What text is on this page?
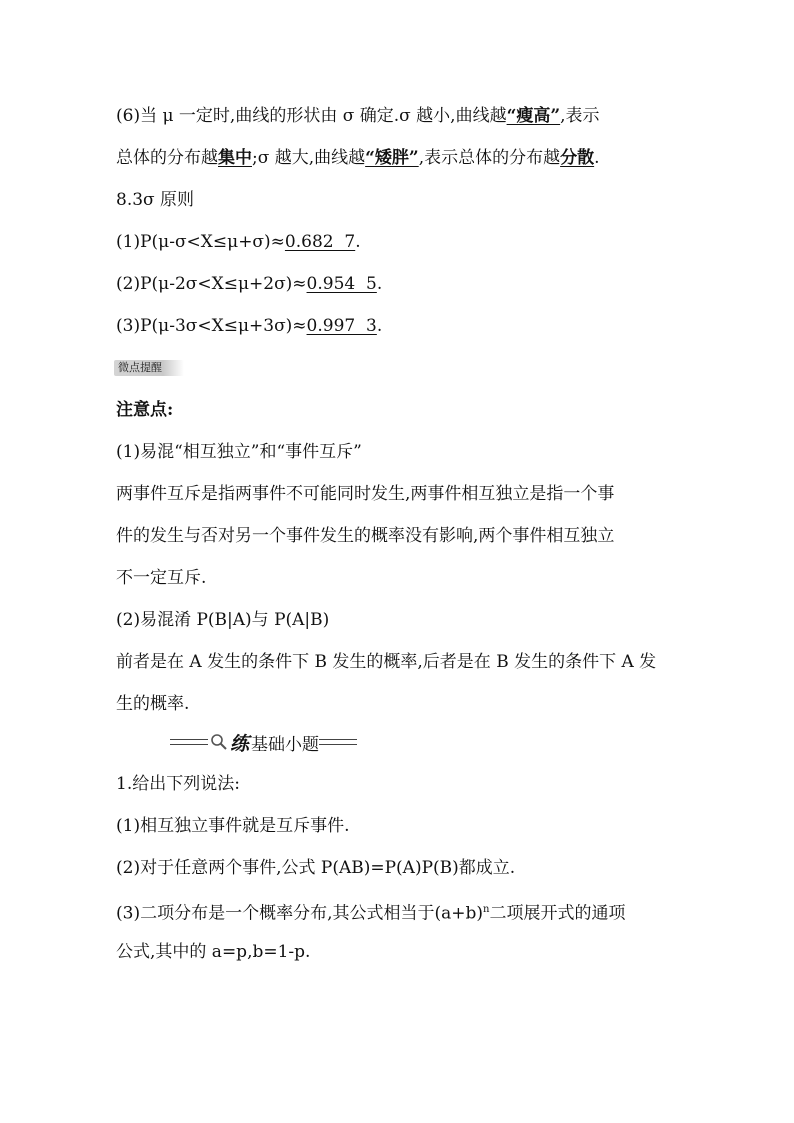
(6)当 μ 一定时,曲线的形状由 σ 确定.σ 越小,曲线越“瘦高”,表示
总体的分布越集中;σ 越大,曲线越“矮胖”,表示总体的分布越分散.
8.3σ 原则
(1)P(μ-σ<X≤μ+σ)≈0.682  7.
(2)P(μ-2σ<X≤μ+2σ)≈0.954  5.
(3)P(μ-3σ<X≤μ+3σ)≈0.997  3.
微点提醒
注意点:
(1)易混“相互独立”和“事件互斥”
两事件互斥是指两事件不可能同时发生,两事件相互独立是指一个事
件的发生与否对另一个事件发生的概率没有影响,两个事件相互独立
不一定互斥.
(2)易混淆 P(B|A)与 P(A|B)
前者是在 A 发生的条件下 B 发生的概率,后者是在 B 发生的条件下 A 发
生的概率.
练 基础小题
1.给出下列说法:
(1)相互独立事件就是互斥事件.
(2)对于任意两个事件,公式 P(AB)=P(A)P(B)都成立.
(3)二项分布是一个概率分布,其公式相当于$(a+b)^n$二项展开式的通项
公式,其中的 a=p,b=1-p.
